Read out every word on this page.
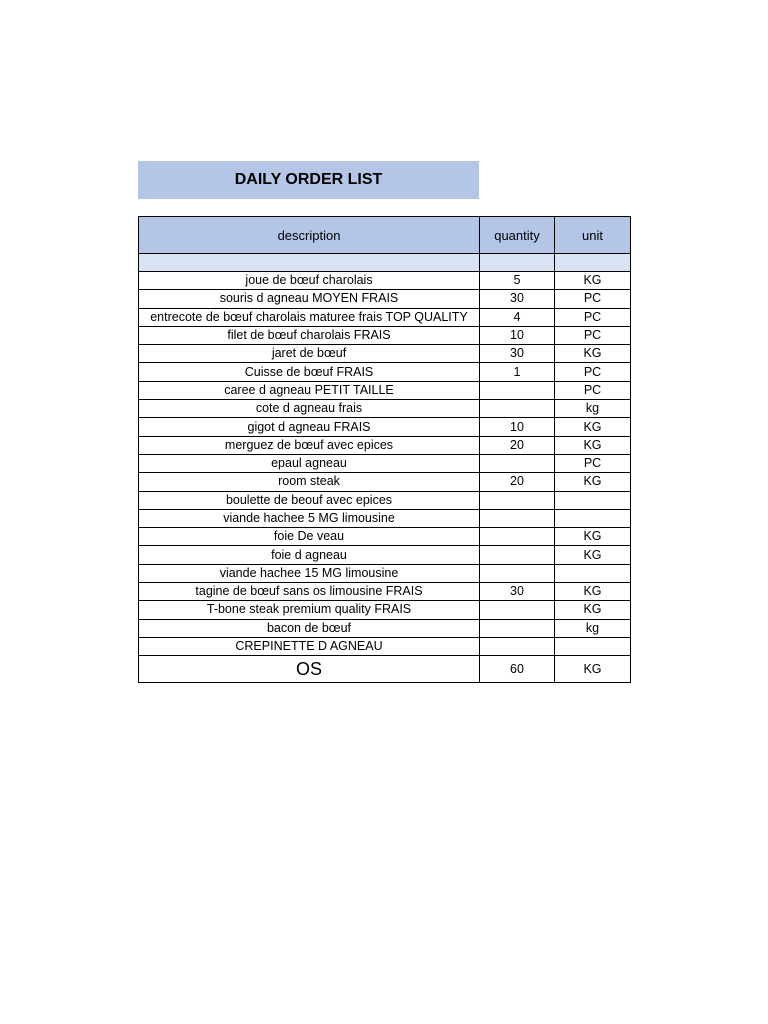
DAILY ORDER LIST
description	quantity	unit

joue de bœuf charolais	5	KG
souris d agneau MOYEN FRAIS	30	PC
entrecote de bœuf charolais maturee frais TOP QUALITY	4	PC
filet de bœuf charolais FRAIS	10	PC
jaret de bœuf	30	KG
Cuisse de bœuf FRAIS	1	PC
caree d agneau PETIT TAILLE		PC
cote d agneau frais		kg
gigot d agneau FRAIS	10	KG
merguez de bœuf avec epices	20	KG
epaul agneau		PC
room steak	20	KG
boulette de beouf avec epices		
viande hachee 5 MG limousine		
foie De veau		KG
foie d agneau		KG
viande hachee 15 MG limousine		
tagine de bœuf sans os limousine FRAIS	30	KG
T-bone steak premium quality FRAIS		KG
bacon de bœuf		kg
CREPINETTE D AGNEAU		
OS	60	KG
